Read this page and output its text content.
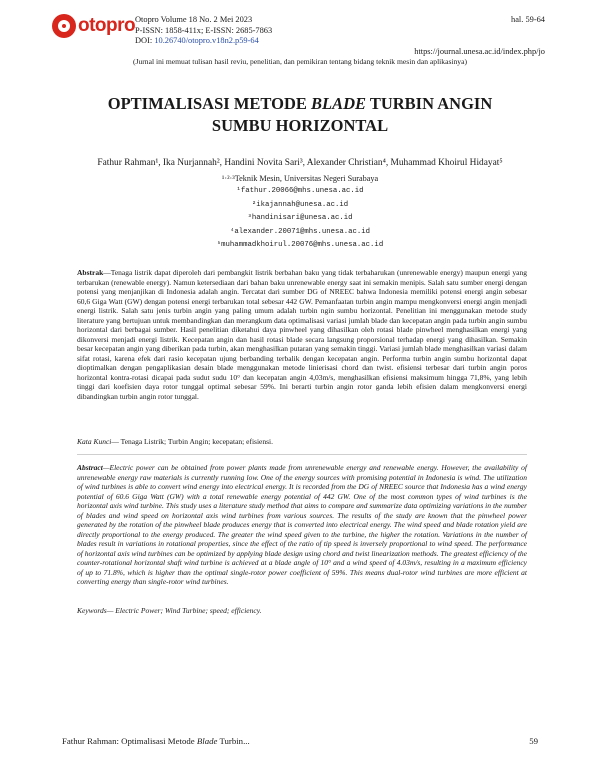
otopro Otopro Volume 18 No. 2 Mei 2023
P-ISSN: 1858-411x; E-ISSN: 2685-7863
DOI: 10.26740/otopro.v18n2.p59-64
hal. 59-64
https://journal.unesa.ac.id/index.php/jo
(Jurnal ini memuat tulisan hasil reviu, penelitian, dan pemikiran tentang bidang teknik mesin dan aplikasinya)
OPTIMALISASI METODE BLADE TURBIN ANGIN
SUMBU HORIZONTAL
Fathur Rahman¹, Ika Nurjannah², Handini Novita Sari³, Alexander Christian⁴, Muhammad Khoirul Hidayat⁵
¹·²·³Teknik Mesin, Universitas Negeri Surabaya
¹fathur.20066@mhs.unesa.ac.id
²ikajannah@unesa.ac.id
³handinisari@unesa.ac.id
⁴alexander.20071@mhs.unesa.ac.id
⁵muhammadkhoirul.20076@mhs.unesa.ac.id
Abstrak—Tenaga listrik dapat diperoleh dari pembangkit listrik berbahan baku yang tidak terbaharukan (unrenewable energy) maupun energi yang terbarukan (renewable energy). Namun ketersediaan dari bahan baku unrenewable energy saat ini semakin menipis. Salah satu sumber energi dengan potensi yang menjanjikan di Indonesia adalah angin. Tercatat dari sumber DG of NREEC bahwa Indonesia memiliki potensi energi angin sebesar 60,6 Giga Watt (GW) dengan potensi energi terbarukan total sebesar 442 GW. Pemanfaatan turbin angin mampu mengkonversi energi angin menjadi energi listrik. Salah satu jenis turbin angin yang paling umum adalah turbin ngin sumbu horizontal. Penelitian ini menggunakan metode study literature yang bertujuan untuk membandingkan dan merangkum data optimalisasi variasi jumlah blade dan kecepatan angin pada turbin angin sumbu horizontal dari berbagai sumber. Hasil penelitian diketahui daya pinwheel yang dihasilkan oleh rotasi blade pinwheel menghasilkan energi yang dikonversi menjadi energi listrik. Kecepatan angin dan hasil rotasi blade secara langsung proporsional terhadap energi yang dihasilkan. Semakin besar kecepatan angin yang diberikan pada turbin, akan menghasilkan putaran yang semakin tinggi. Variasi jumlah blade menghasilkan variasi dalam sifat rotasi, karena efek dari rasio kecepatan ujung berbanding terbalik dengan kecepatan angin. Performa turbin angin sumbu horizontal dapat dioptimalkan dengan pengaplikasian desain blade menggunakan metode linierisasi chord dan twist. efisiensi terbesar dari turbin angin poros horizontal kontra-rotasi dicapai pada sudut sudu 10° dan kecepatan angin 4,03m/s, menghasilkan efisiensi maksimum hingga 71,8%, yang lebih tinggi dari koefisien daya rotor tunggal optimal sebesar 59%. Ini berarti turbin angin rotor ganda lebih efisien dalam mengkonversi energi dibandingkan turbin angin rotor tunggal.
Kata Kunci— Tenaga Listrik; Turbin Angin; kecepatan; efisiensi.
Abstract—Electric power can be obtained from power plants made from unrenewable energy and renewable energy. However, the availability of unrenewable energy raw materials is currently running low. One of the energy sources with promising potential in Indonesia is wind. The utilization of wind turbines is able to convert wind energy into electrical energy. It is recorded from the DG of NREEC source that Indonesia has a wind energy potential of 60.6 Giga Watt (GW) with a total renewable energy potential of 442 GW. One of the most common types of wind turbines is the horizontal axis wind turbine. This study uses a literature study method that aims to compare and summarize data optimizing variations in the number of blades and wind speed on horizontal axis wind turbines from various sources. The results of the study are known that the pinwheel power generated by the rotation of the pinwheel blade produces energy that is converted into electrical energy. The wind speed and blade rotation yield are directly proportional to the energy produced. The greater the wind speed given to the turbine, the higher the rotation. Variations in the number of blades result in variations in rotational properties, since the effect of the ratio of tip speed is inversely proportional to wind speed. The performance of horizontal axis wind turbines can be optimized by applying blade design using chord and twist linearization methods. The greatest efficiency of the counter-rotational horizontal shaft wind turbine is achieved at a blade angle of 10° and a wind speed of 4.03m/s, resulting in a maximum efficiency of up to 71.8%, which is higher than the optimal single-rotor power coefficient of 59%. This means dual-rotor wind turbines are more efficient at converting energy than single-rotor wind turbines.
Keywords— Electric Power; Wind Turbine; speed; efficiency.
Fathur Rahman: Optimalisasi Metode Blade Turbin...	59
